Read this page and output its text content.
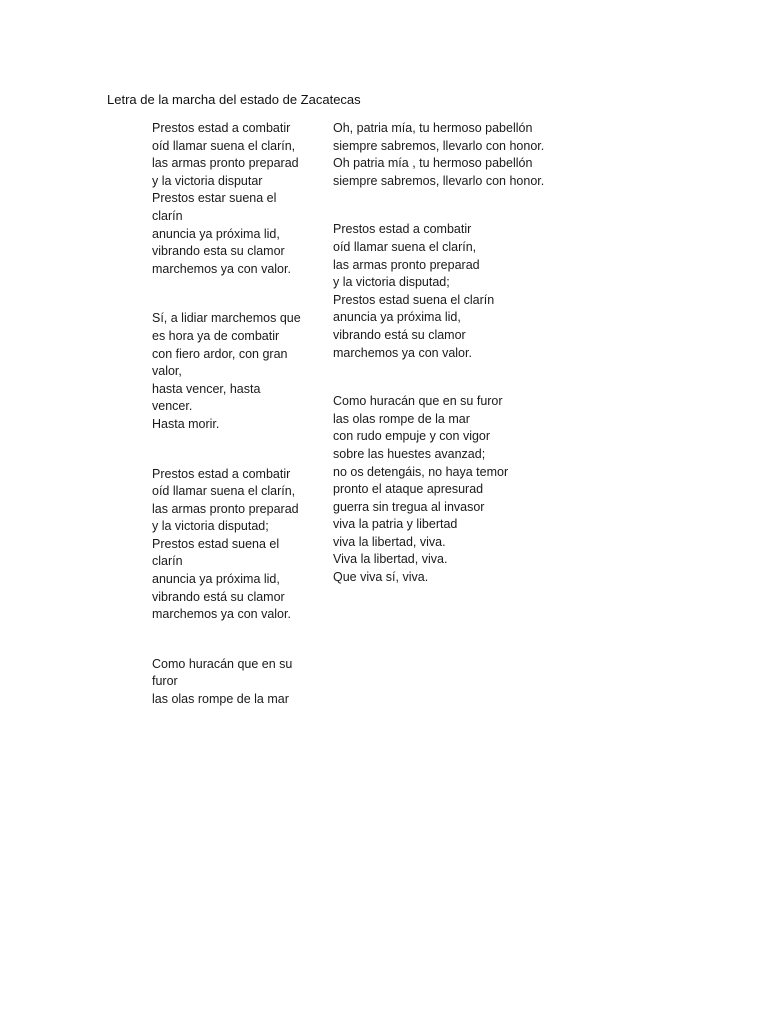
Letra de la marcha del estado de Zacatecas
Prestos estad a combatir
oíd llamar suena el clarín,
las armas pronto preparad
y la victoria disputar
Prestos estar suena el clarín
anuncia ya próxima lid,
vibrando esta su clamor
marchemos ya con valor.
Sí, a lidiar marchemos que es hora ya de combatir
con fiero ardor, con gran valor,
hasta vencer, hasta vencer.
Hasta morir.
Prestos estad a combatir
oíd llamar suena el clarín,
las armas pronto preparad
y la victoria disputad;
Prestos estad suena el clarín
anuncia ya próxima lid,
vibrando está su clamor
marchemos ya con valor.
Como huracán que en su furor
las olas rompe de la mar
Oh, patria mía, tu hermoso pabellón
siempre sabremos, llevarlo con honor.
Oh patria mía , tu hermoso pabellón
siempre sabremos, llevarlo con honor.
Prestos estad a combatir
oíd llamar suena el clarín,
las armas pronto preparad
y la victoria disputad;
Prestos estad suena el clarín
anuncia ya próxima lid,
vibrando está su clamor
marchemos ya con valor.
Como huracán que en su furor
las olas rompe de la mar
con rudo empuje y con vigor
sobre las huestes avanzad;
no os detengáis, no haya temor
pronto el ataque apresurad
guerra sin tregua al invasor
viva la patria y libertad
viva la libertad, viva.
Viva la libertad, viva.
Que viva sí, viva.
